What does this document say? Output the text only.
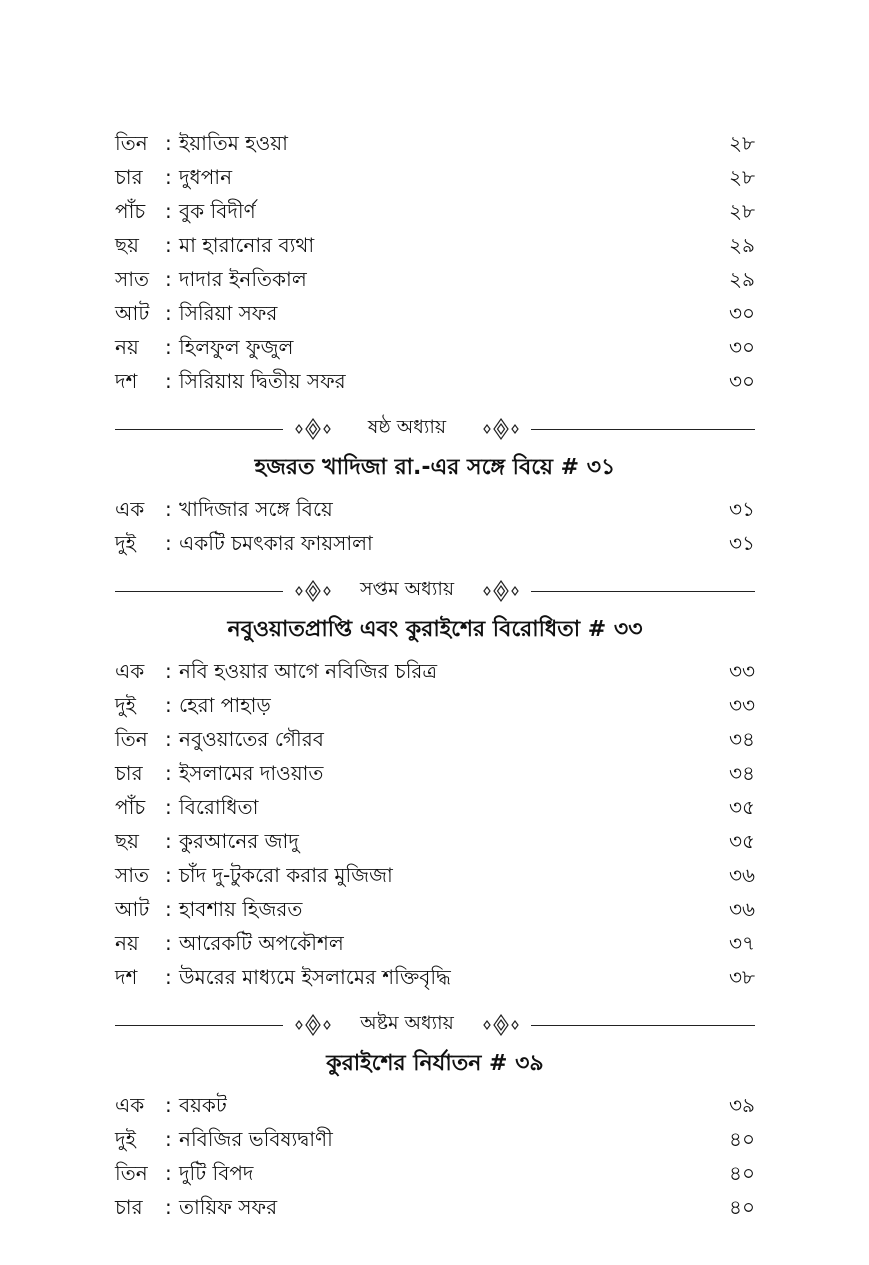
তিন : ইয়াতিম হওয়া	২৮
চার	: দুধপান	২৮
পাঁচ : বুক বিদীর্ণ	২৮
ছয়	: মা হারানোর ব্যথা	২৯
সাত : দাদার ইনতিকাল	২৯
আট : সিরিয়া সফর	৩০
নয়	: হিলফুল ফুজুল	৩০
দশ	: সিরিয়ায় দ্বিতীয় সফর	৩০
ষষ্ঠ অধ্যায়
হজরত খাদিজা রা.-এর সঙ্গে বিয়ে # ৩১
এক	: খাদিজার সঙ্গে বিয়ে	৩১
দুই	: একটি চমৎকার ফায়সালা	৩১
সপ্তম অধ্যায়
নবুওয়াতপ্রাপ্তি এবং কুরাইশের বিরোধিতা # ৩৩
এক	: নবি হওয়ার আগে নবিজির চরিত্র	৩৩
দুই	: হেরা পাহাড়	৩৩
তিন : নবুওয়াতের গৌরব	৩৪
চার	: ইসলামের দাওয়াত	৩৪
পাঁচ : বিরোধিতা	৩৫
ছয়	: কুরআনের জাদু	৩৫
সাত : চাঁদ দু-টুকরো করার মুজিজা	৩৬
আট : হাবশায় হিজরত	৩৬
নয়	: আরেকটি অপকৌশল	৩৭
দশ	: উমরের মাধ্যমে ইসলামের শক্তিবৃদ্ধি	৩৮
অষ্টম অধ্যায়
কুরাইশের নির্যাতন # ৩৯
এক	: বয়কট	৩৯
দুই	: নবিজির ভবিষ্যদ্বাণী	৪০
তিন : দুটি বিপদ	৪০
চার	: তায়িফ সফর	৪০
